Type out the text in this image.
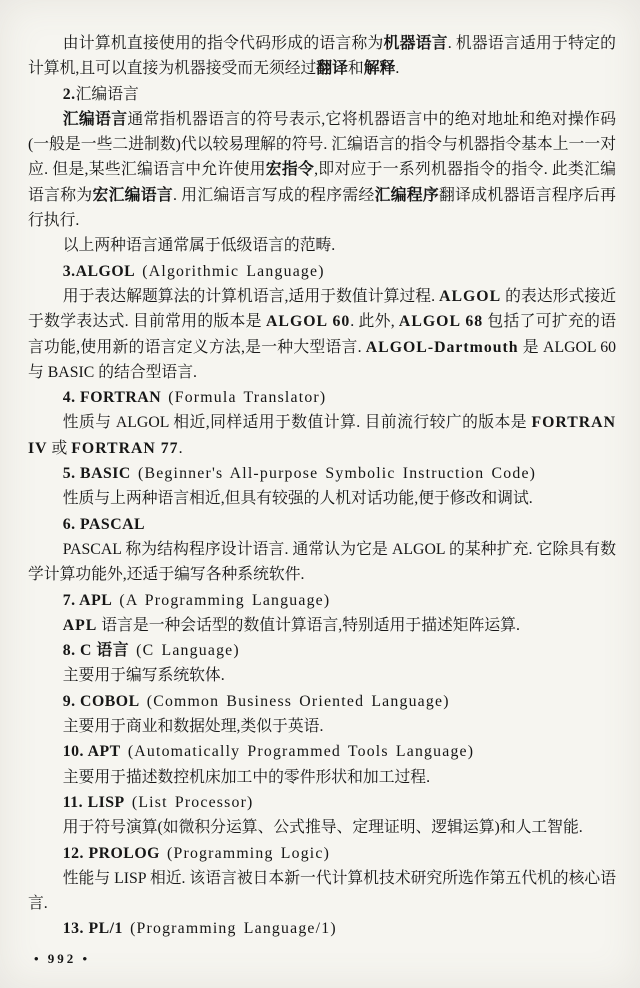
由计算机直接使用的指令代码形成的语言称为机器语言. 机器语言适用于特定的计算机,且可以直接为机器接受而无须经过翻译和解释.

2.汇编语言

汇编语言通常指机器语言的符号表示,它将机器语言中的绝对地址和绝对操作码(一般是一些二进制数)代以较易理解的符号. 汇编语言的指令与机器指令基本上一一对应. 但是,某些汇编语言中允许使用宏指令,即对应于一系列机器指令的指令. 此类汇编语言称为宏汇编语言. 用汇编语言写成的程序需经汇编程序翻译成机器语言程序后再行执行.

以上两种语言通常属于低级语言的范畴.

3.ALGOL (Algorithmic Language)

用于表达解题算法的计算机语言,适用于数值计算过程. ALGOL 的表达形式接近于数学表达式. 目前常用的版本是 ALGOL 60. 此外, ALGOL 68 包括了可扩充的语言功能,使用新的语言定义方法,是一种大型语言. ALGOL-Dartmouth 是 ALGOL 60 与 BASIC 的结合型语言.

4. FORTRAN (Formula Translator)

性质与 ALGOL 相近,同样适用于数值计算. 目前流行较广的版本是 FORTRAN IV 或 FORTRAN 77.

5. BASIC (Beginner's All-purpose Symbolic Instruction Code)

性质与上两种语言相近,但具有较强的人机对话功能,便于修改和调试.

6. PASCAL

PASCAL 称为结构程序设计语言. 通常认为它是 ALGOL 的某种扩充. 它除具有数学计算功能外,还适于编写各种系统软件.

7. APL (A Programming Language)

APL 语言是一种会话型的数值计算语言,特别适用于描述矩阵运算.

8. C 语言 (C Language)

主要用于编写系统软体.

9. COBOL (Common Business Oriented Language)

主要用于商业和数据处理,类似于英语.

10. APT (Automatically Programmed Tools Language)

主要用于描述数控机床加工中的零件形状和加工过程.

11. LISP (List Processor)

用于符号演算(如微积分运算、公式推导、定理证明、逻辑运算)和人工智能.

12. PROLOG (Programming Logic)

性能与 LISP 相近. 该语言被日本新一代计算机技术研究所选作第五代机的核心语言.

13. PL/1 (Programming Language/1)

• 992 •
